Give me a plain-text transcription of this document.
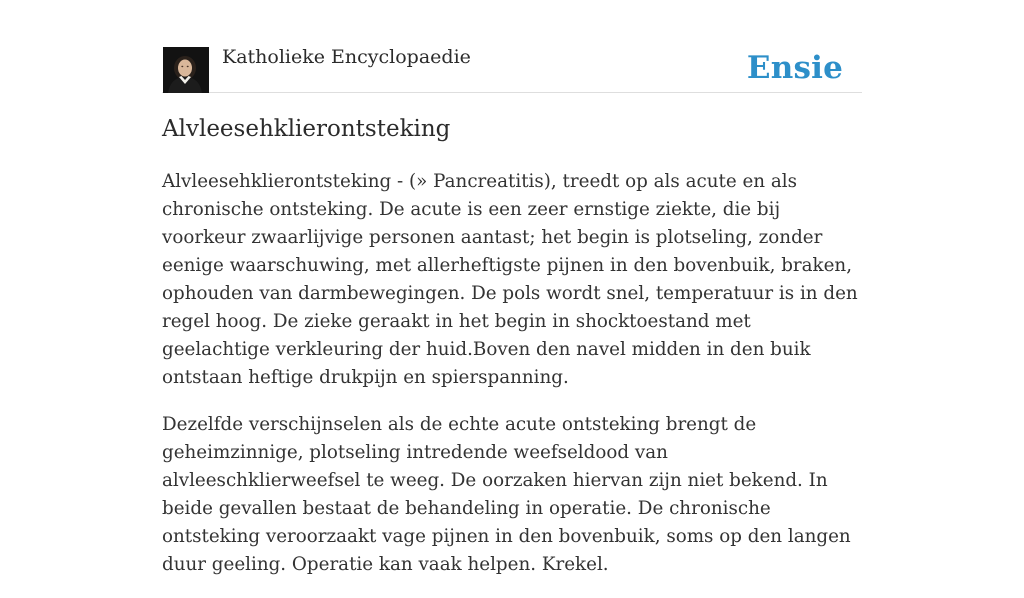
Katholieke Encyclopaedie	Ensie
Alvleesehklierontsteking

Alvleesehklierontsteking - (» Pancreatitis), treedt op als acute en als chronische ontsteking. De acute is een zeer ernstige ziekte, die bij voorkeur zwaarlijvige personen aantast; het begin is plotseling, zonder eenige waarschuwing, met allerheftigste pijnen in den bovenbuik, braken, ophouden van darmbewegingen. De pols wordt snel, temperatuur is in den regel hoog. De zieke geraakt in het begin in shocktoestand met geelachtige verkleuring der huid.Boven den navel midden in den buik ontstaan heftige drukpijn en spierspanning.

Dezelfde verschijnselen als de echte acute ontsteking brengt de geheimzinnige, plotseling intredende weefseldood van alvleeschklierweefsel te weeg. De oorzaken hiervan zijn niet bekend. In beide gevallen bestaat de behandeling in operatie. De chronische ontsteking veroorzaakt vage pijnen in den bovenbuik, soms op den langen duur geeling. Operatie kan vaak helpen. Krekel.
